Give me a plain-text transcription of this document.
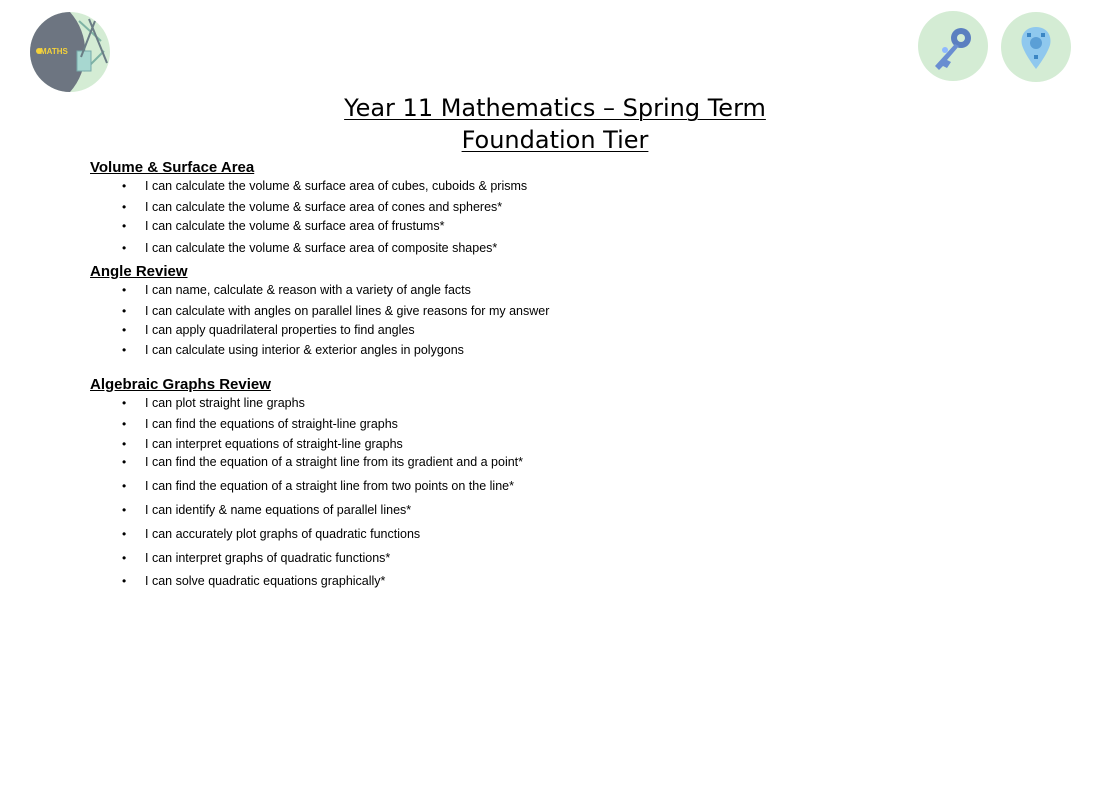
MATHS
Year 11 Mathematics – Spring Term
Foundation Tier
Volume & Surface Area
• I can calculate the volume & surface area of cubes, cuboids & prisms
• I can calculate the volume & surface area of cones and spheres*
• I can calculate the volume & surface area of frustums*
• I can calculate the volume & surface area of composite shapes*
Angle Review
• I can name, calculate & reason with a variety of angle facts
• I can calculate with angles on parallel lines & give reasons for my answer
• I can apply quadrilateral properties to find angles
• I can calculate using interior & exterior angles in polygons
Algebraic Graphs Review
• I can plot straight line graphs
• I can find the equations of straight-line graphs
• I can interpret equations of straight-line graphs
• I can find the equation of a straight line from its gradient and a point*
• I can find the equation of a straight line from two points on the line*
• I can identify & name equations of parallel lines*
• I can accurately plot graphs of quadratic functions
• I can interpret graphs of quadratic functions*
• I can solve quadratic equations graphically*
